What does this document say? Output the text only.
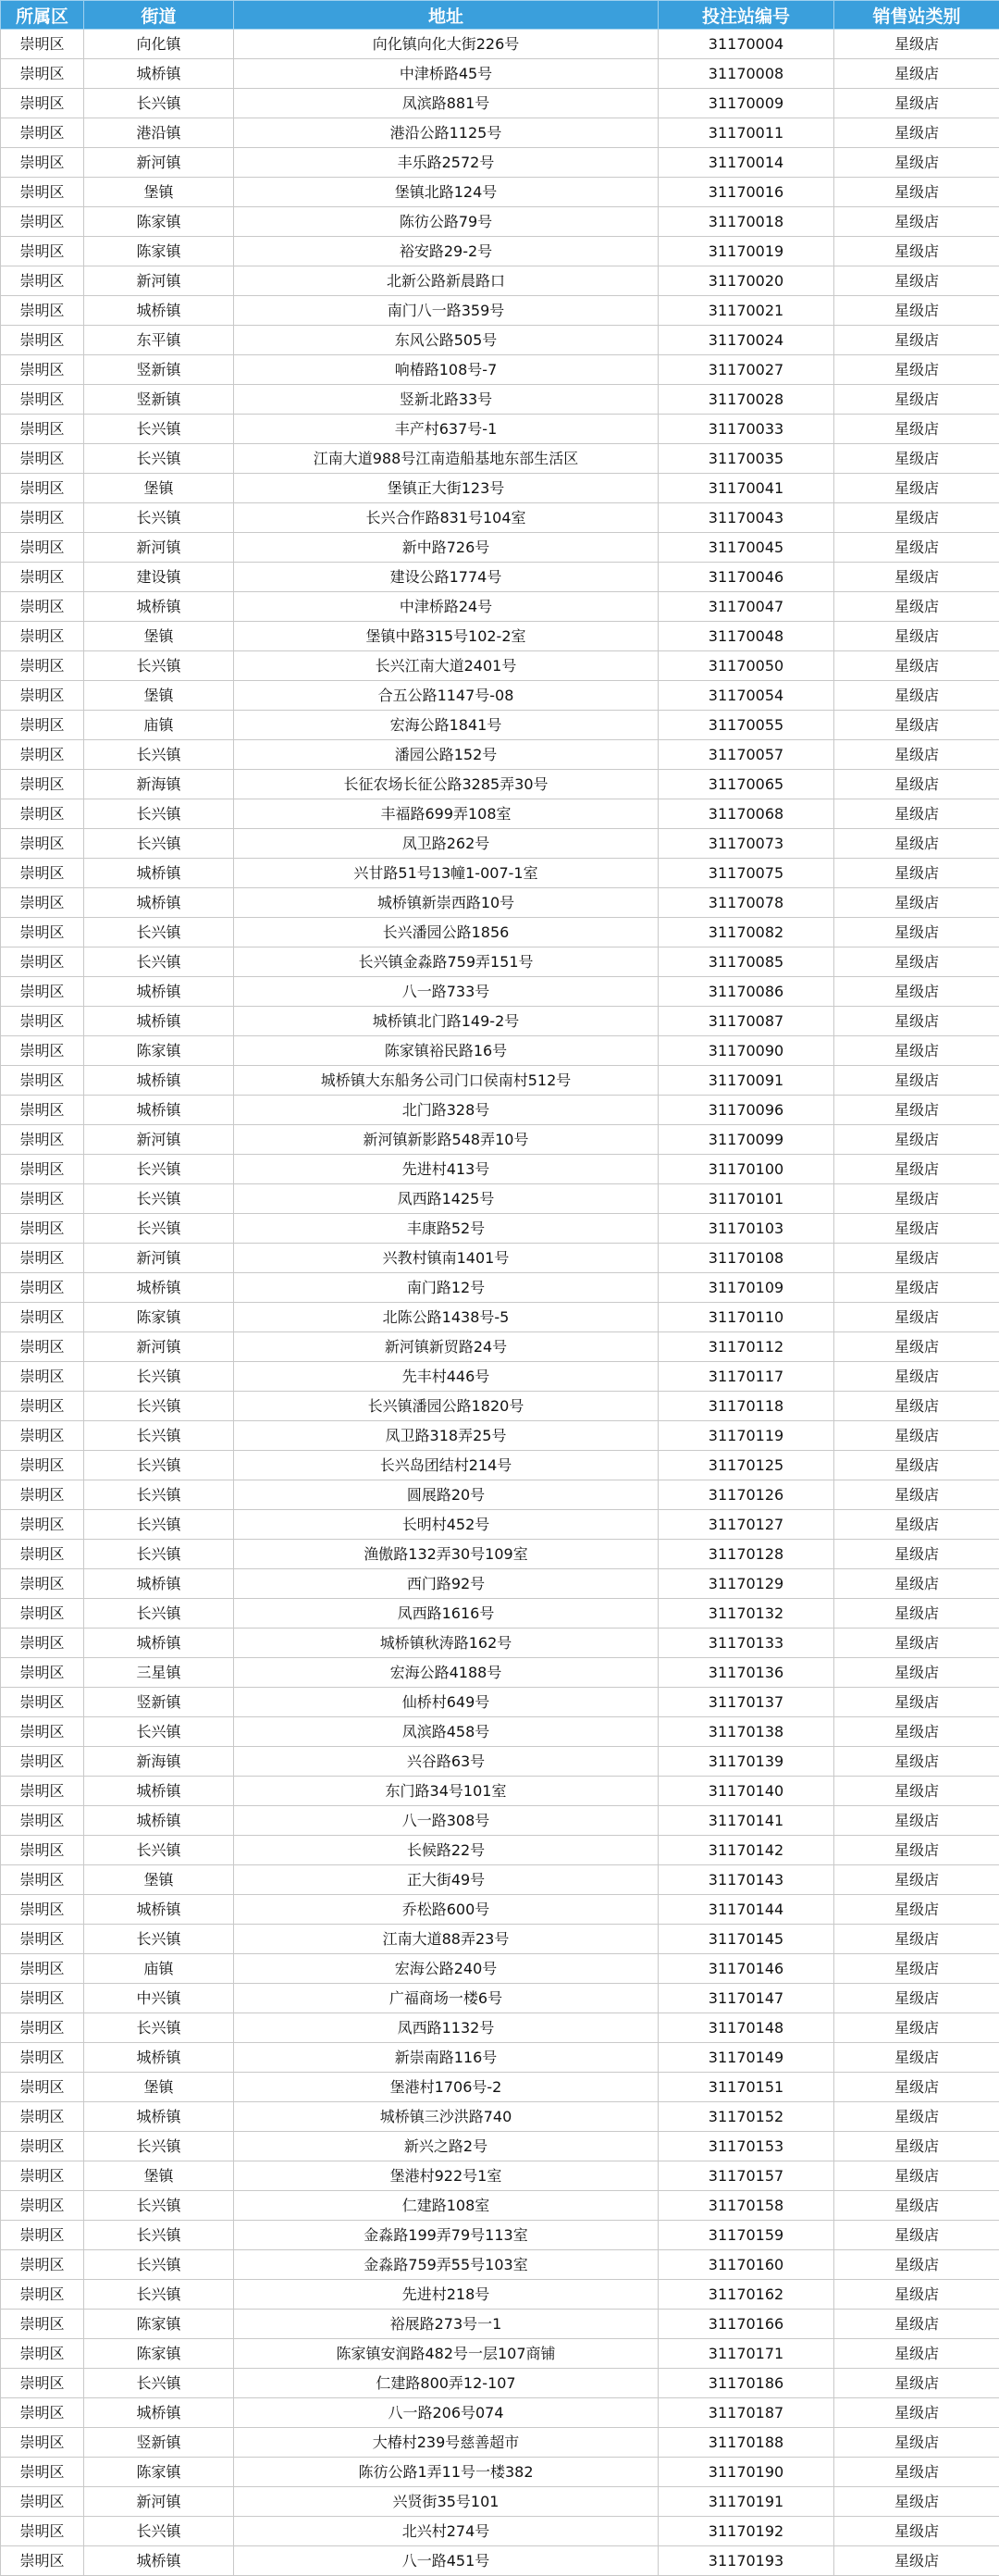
所属区	街道	地址	投注站编号	销售站类别
崇明区	向化镇	向化镇向化大街226号	31170004	星级店
崇明区	城桥镇	中津桥路45号	31170008	星级店
崇明区	长兴镇	凤滨路881号	31170009	星级店
崇明区	港沿镇	港沿公路1125号	31170011	星级店
崇明区	新河镇	丰乐路2572号	31170014	星级店
崇明区	堡镇	堡镇北路124号	31170016	星级店
崇明区	陈家镇	陈彷公路79号	31170018	星级店
崇明区	陈家镇	裕安路29-2号	31170019	星级店
崇明区	新河镇	北新公路新晨路口	31170020	星级店
崇明区	城桥镇	南门八一路359号	31170021	星级店
崇明区	东平镇	东风公路505号	31170024	星级店
崇明区	竖新镇	响椿路108号-7	31170027	星级店
崇明区	竖新镇	竖新北路33号	31170028	星级店
崇明区	长兴镇	丰产村637号-1	31170033	星级店
崇明区	长兴镇	江南大道988号江南造船基地东部生活区	31170035	星级店
崇明区	堡镇	堡镇正大街123号	31170041	星级店
崇明区	长兴镇	长兴合作路831号104室	31170043	星级店
崇明区	新河镇	新中路726号	31170045	星级店
崇明区	建设镇	建设公路1774号	31170046	星级店
崇明区	城桥镇	中津桥路24号	31170047	星级店
崇明区	堡镇	堡镇中路315号102-2室	31170048	星级店
崇明区	长兴镇	长兴江南大道2401号	31170050	星级店
崇明区	堡镇	合五公路1147号-08	31170054	星级店
崇明区	庙镇	宏海公路1841号	31170055	星级店
崇明区	长兴镇	潘园公路152号	31170057	星级店
崇明区	新海镇	长征农场长征公路3285弄30号	31170065	星级店
崇明区	长兴镇	丰福路699弄108室	31170068	星级店
崇明区	长兴镇	凤卫路262号	31170073	星级店
崇明区	城桥镇	兴甘路51号13幢1-007-1室	31170075	星级店
崇明区	城桥镇	城桥镇新崇西路10号	31170078	星级店
崇明区	长兴镇	长兴潘园公路1856	31170082	星级店
崇明区	长兴镇	长兴镇金淼路759弄151号	31170085	星级店
崇明区	城桥镇	八一路733号	31170086	星级店
崇明区	城桥镇	城桥镇北门路149-2号	31170087	星级店
崇明区	陈家镇	陈家镇裕民路16号	31170090	星级店
崇明区	城桥镇	城桥镇大东船务公司门口侯南村512号	31170091	星级店
崇明区	城桥镇	北门路328号	31170096	星级店
崇明区	新河镇	新河镇新影路548弄10号	31170099	星级店
崇明区	长兴镇	先进村413号	31170100	星级店
崇明区	长兴镇	凤西路1425号	31170101	星级店
崇明区	长兴镇	丰康路52号	31170103	星级店
崇明区	新河镇	兴教村镇南1401号	31170108	星级店
崇明区	城桥镇	南门路12号	31170109	星级店
崇明区	陈家镇	北陈公路1438号-5	31170110	星级店
崇明区	新河镇	新河镇新贸路24号	31170112	星级店
崇明区	长兴镇	先丰村446号	31170117	星级店
崇明区	长兴镇	长兴镇潘园公路1820号	31170118	星级店
崇明区	长兴镇	凤卫路318弄25号	31170119	星级店
崇明区	长兴镇	长兴岛团结村214号	31170125	星级店
崇明区	长兴镇	圆展路20号	31170126	星级店
崇明区	长兴镇	长明村452号	31170127	星级店
崇明区	长兴镇	渔傲路132弄30号109室	31170128	星级店
崇明区	城桥镇	西门路92号	31170129	星级店
崇明区	长兴镇	凤西路1616号	31170132	星级店
崇明区	城桥镇	城桥镇秋涛路162号	31170133	星级店
崇明区	三星镇	宏海公路4188号	31170136	星级店
崇明区	竖新镇	仙桥村649号	31170137	星级店
崇明区	长兴镇	凤滨路458号	31170138	星级店
崇明区	新海镇	兴谷路63号	31170139	星级店
崇明区	城桥镇	东门路34号101室	31170140	星级店
崇明区	城桥镇	八一路308号	31170141	星级店
崇明区	长兴镇	长候路22号	31170142	星级店
崇明区	堡镇	正大街49号	31170143	星级店
崇明区	城桥镇	乔松路600号	31170144	星级店
崇明区	长兴镇	江南大道88弄23号	31170145	星级店
崇明区	庙镇	宏海公路240号	31170146	星级店
崇明区	中兴镇	广福商场一楼6号	31170147	星级店
崇明区	长兴镇	凤西路1132号	31170148	星级店
崇明区	城桥镇	新崇南路116号	31170149	星级店
崇明区	堡镇	堡港村1706号-2	31170151	星级店
崇明区	城桥镇	城桥镇三沙洪路740	31170152	星级店
崇明区	长兴镇	新兴之路2号	31170153	星级店
崇明区	堡镇	堡港村922号1室	31170157	星级店
崇明区	长兴镇	仁建路108室	31170158	星级店
崇明区	长兴镇	金淼路199弄79号113室	31170159	星级店
崇明区	长兴镇	金淼路759弄55号103室	31170160	星级店
崇明区	长兴镇	先进村218号	31170162	星级店
崇明区	陈家镇	裕展路273号一1	31170166	星级店
崇明区	陈家镇	陈家镇安润路482号一层107商铺	31170171	星级店
崇明区	长兴镇	仁建路800弄12-107	31170186	星级店
崇明区	城桥镇	八一路206号074	31170187	星级店
崇明区	竖新镇	大椿村239号慈善超市	31170188	星级店
崇明区	陈家镇	陈彷公路1弄11号一楼382	31170190	星级店
崇明区	新河镇	兴贤街35号101	31170191	星级店
崇明区	长兴镇	北兴村274号	31170192	星级店
崇明区	城桥镇	八一路451号	31170193	星级店
